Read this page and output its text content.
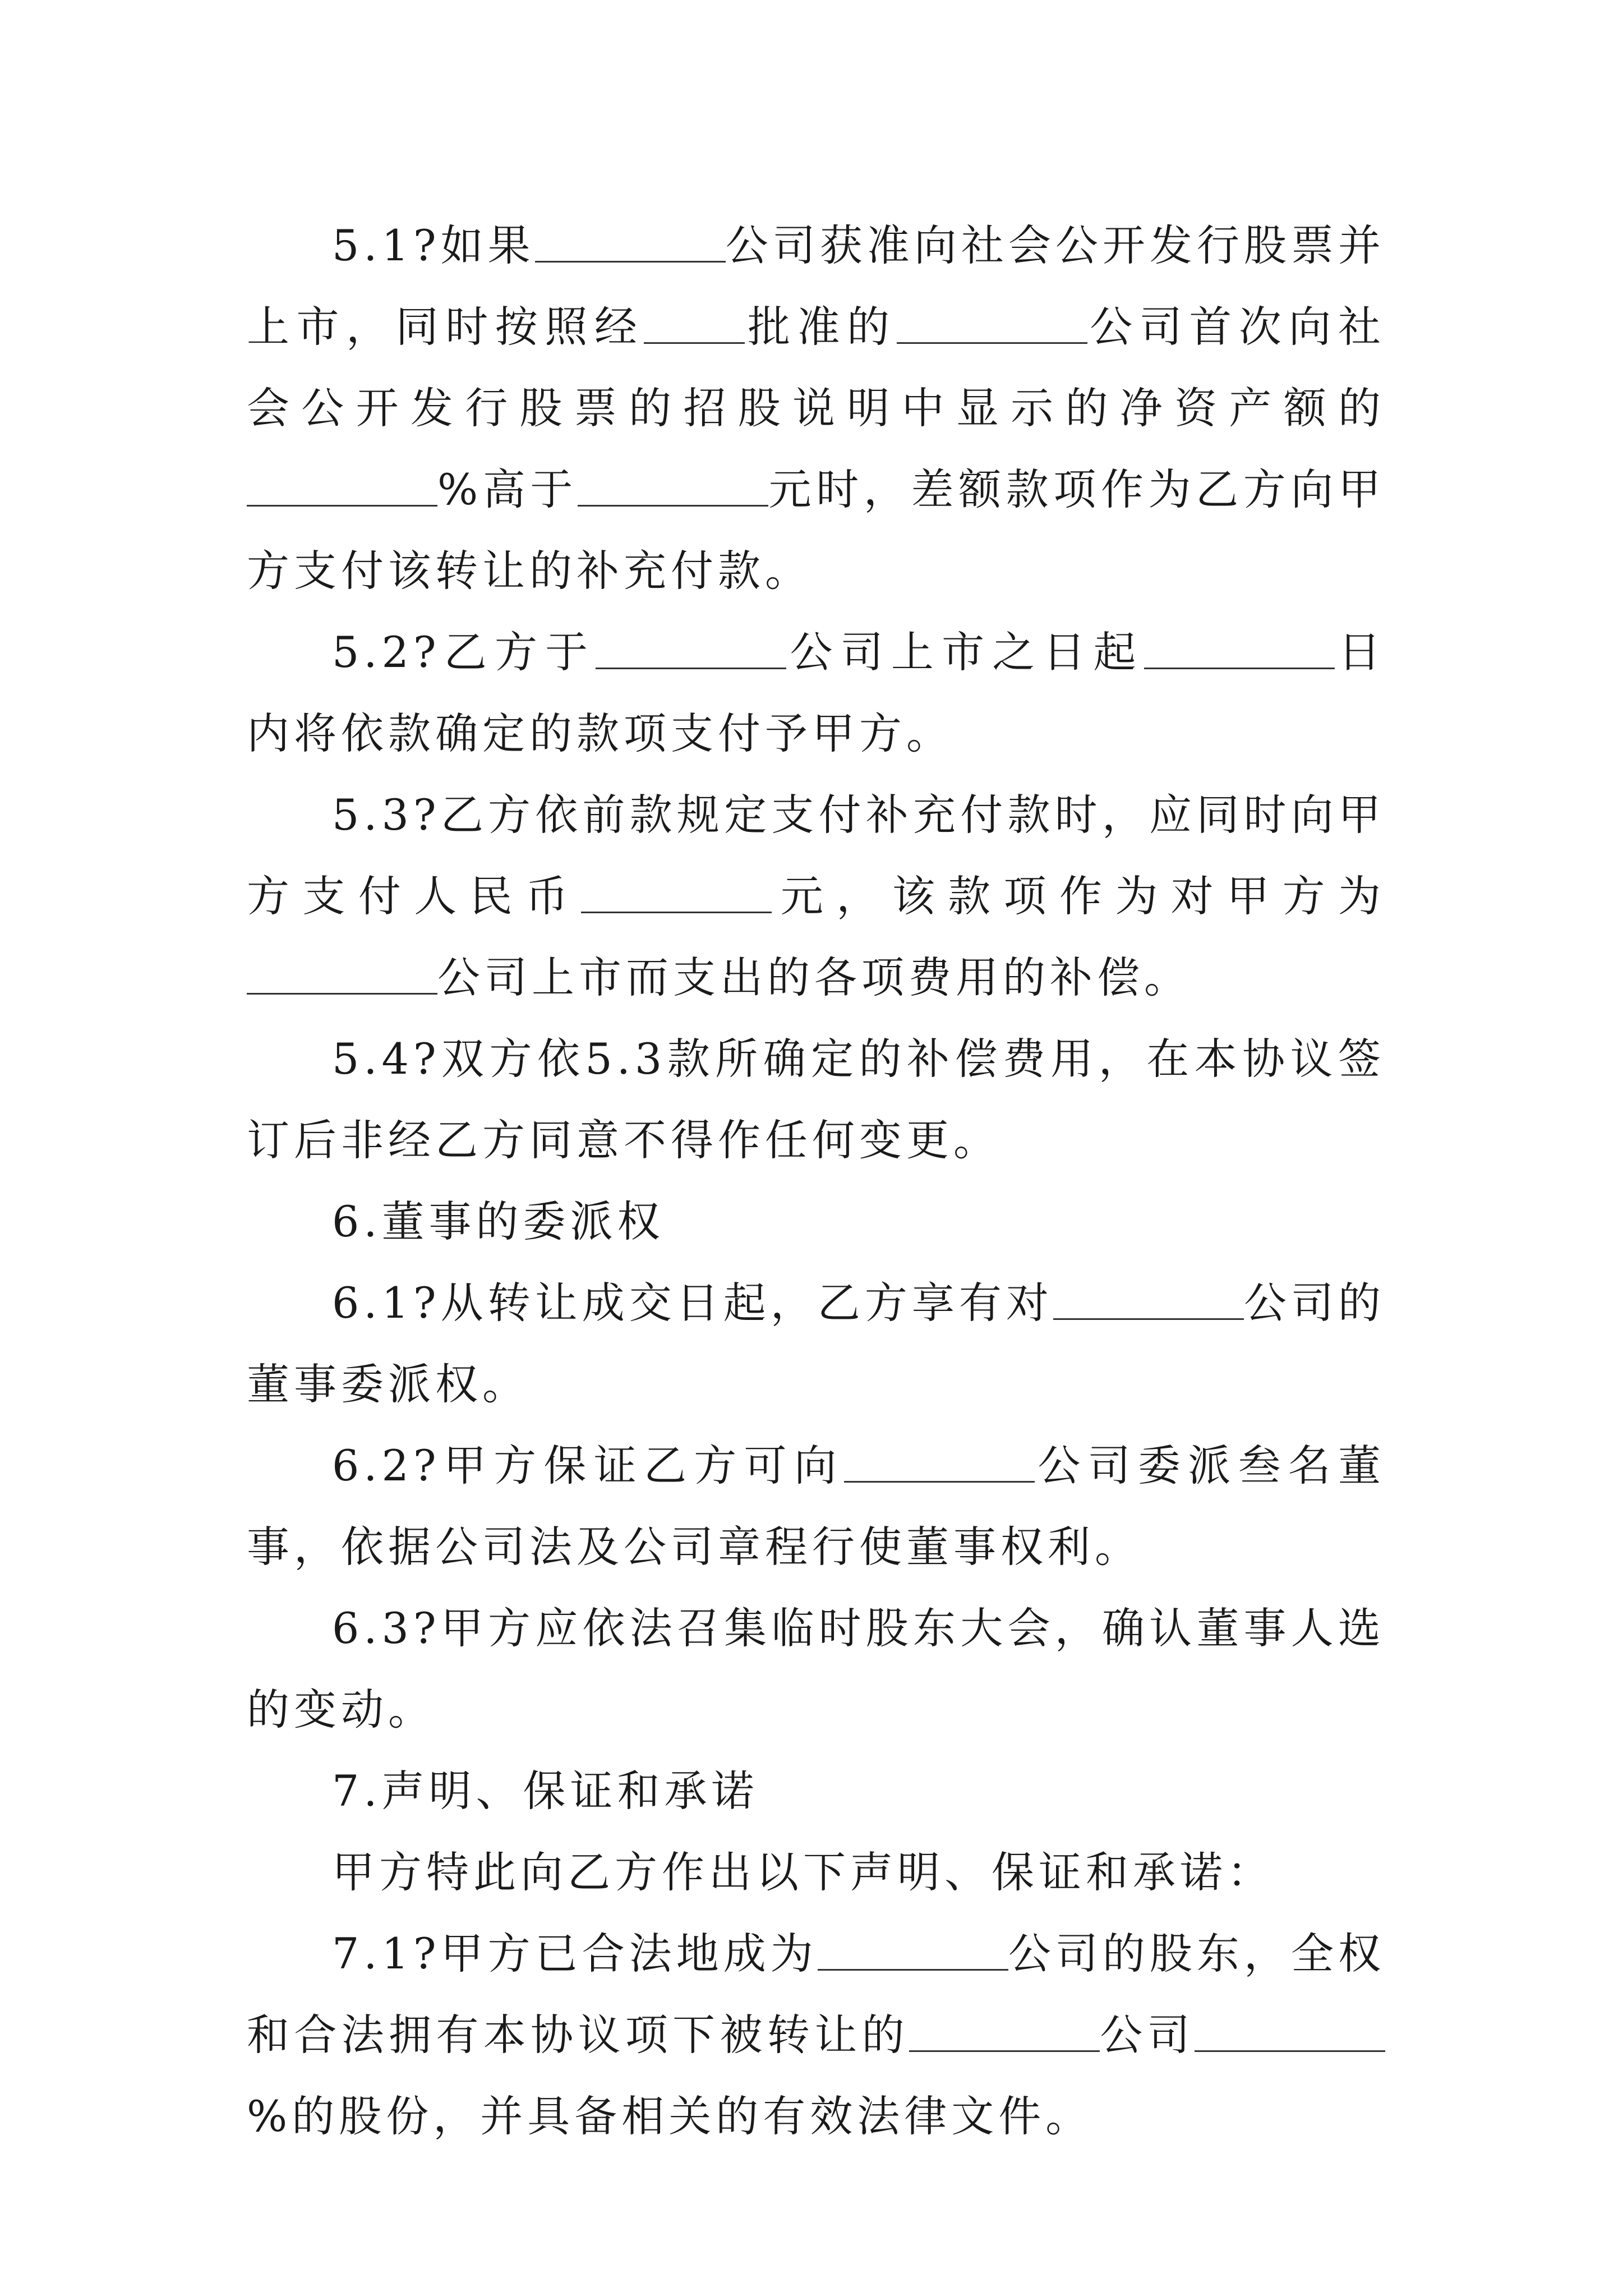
5.1?如果	公司获准向社会公开发行股票并上市，同时按照经 批准的	公司首次向社会公开发行股票的招股说明中显示的净资产额的%高于	元时，差额款项作为乙方向甲方支付该转让的补充付款。

5.2?乙方于	公司上市之日起	日内将依款确定的款项支付予甲方。

5.3?乙方依前款规定支付补充付款时，应同时向甲方支付人民币	元，该款项作为对甲方为公司上市而支出的各项费用的补偿。

5.4?双方依5.3款所确定的补偿费用，在本协议签订后非经乙方同意不得作任何变更。

6.董事的委派权

6.1?从转让成交日起，乙方享有对	公司的董事委派权。

6.2?甲方保证乙方可向	公司委派叁名董事，依据公司法及公司章程行使董事权利。

6.3?甲方应依法召集临时股东大会，确认董事人选的变动。

7.声明、保证和承诺

甲方特此向乙方作出以下声明、保证和承诺：

7.1?甲方已合法地成为	公司的股东，全权和合法拥有本协议项下被转让的	公司%的股份，并具备相关的有效法律文件。
